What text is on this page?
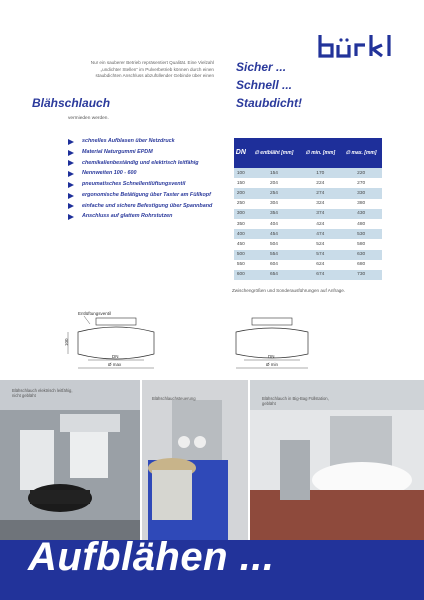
Nur ein sauberer Betrieb repräsentiert Qualität. Eine Vielzahl
„undichter Stellen“ im Pulverbetrieb können durch einen
staubdichten Anschluss abzufüllender Gebinde über einen
Sicher ...
Schnell ...
Staubdicht!
Blähschlauch
vermieden werden.
schnelles Aufblasen über Netzdruck
Material Naturgummi EPDM
chemikalienbeständig und elektrisch leitfähig
Nennweiten 100 - 600
pneumatisches Schnellentlüftungsventil
ergonomische Betätigung über Taster am Füllkopf
einfache und sichere Befestigung über Spannband
Anschluss auf glattem Rohrstutzen
DN	∅ entbläht [mm]	∅ min. [mm]	∅ max. [mm]
100	154	170	220
150	204	224	270
200	254	274	330
250	304	324	380
300	354	374	430
350	404	424	480
400	454	474	530
450	504	524	580
500	554	574	630
550	604	624	680
600	654	674	730
Zwischengrößen und Sonderausführungen auf Anfrage.
Entlüftungsventil
100
DN
Ø max
DN
Ø min
Blähschlauch elektrisch leitfähig, nicht gebläht
Blähschlauchsteuerung	Blähschlauch in Big-Bag Füllstation, gebläht
Aufblähen ...
